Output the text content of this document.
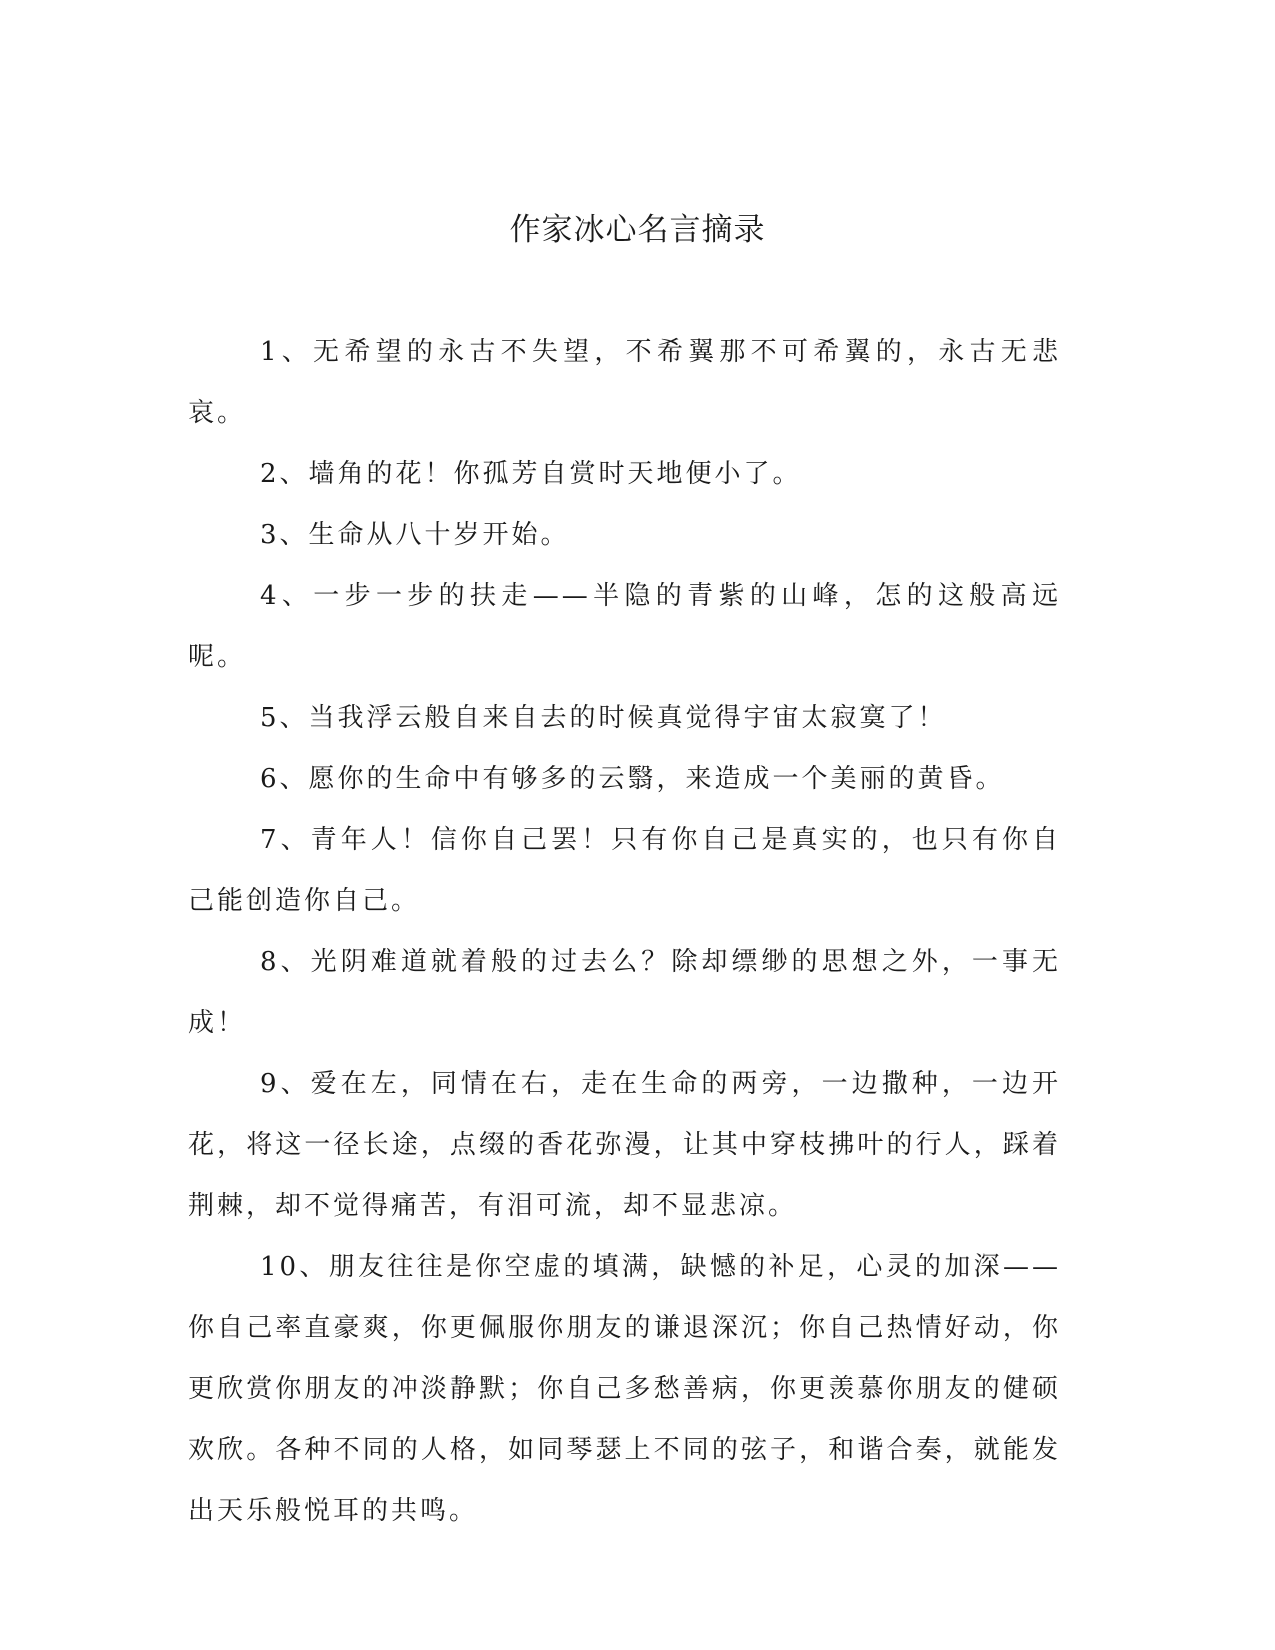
作家冰心名言摘录

1、无希望的永古不失望，不希翼那不可希翼的，永古无悲哀。

2、墙角的花！你孤芳自赏时天地便小了。

3、生命从八十岁开始。

4、一步一步的扶走——半隐的青紫的山峰，怎的这般高远呢。

5、当我浮云般自来自去的时候真觉得宇宙太寂寞了！

6、愿你的生命中有够多的云翳，来造成一个美丽的黄昏。

7、青年人！信你自己罢！只有你自己是真实的，也只有你自己能创造你自己。

8、光阴难道就着般的过去么？除却缥缈的思想之外，一事无成！

9、爱在左，同情在右，走在生命的两旁，一边撒种，一边开花，将这一径长途，点缀的香花弥漫，让其中穿枝拂叶的行人，踩着荆棘，却不觉得痛苦，有泪可流，却不显悲凉。

10、朋友往往是你空虚的填满，缺憾的补足，心灵的加深——你自己率直豪爽，你更佩服你朋友的谦退深沉；你自己热情好动，你更欣赏你朋友的冲淡静默；你自己多愁善病，你更羡慕你朋友的健硕欢欣。各种不同的人格，如同琴瑟上不同的弦子，和谐合奏，就能发出天乐般悦耳的共鸣。
